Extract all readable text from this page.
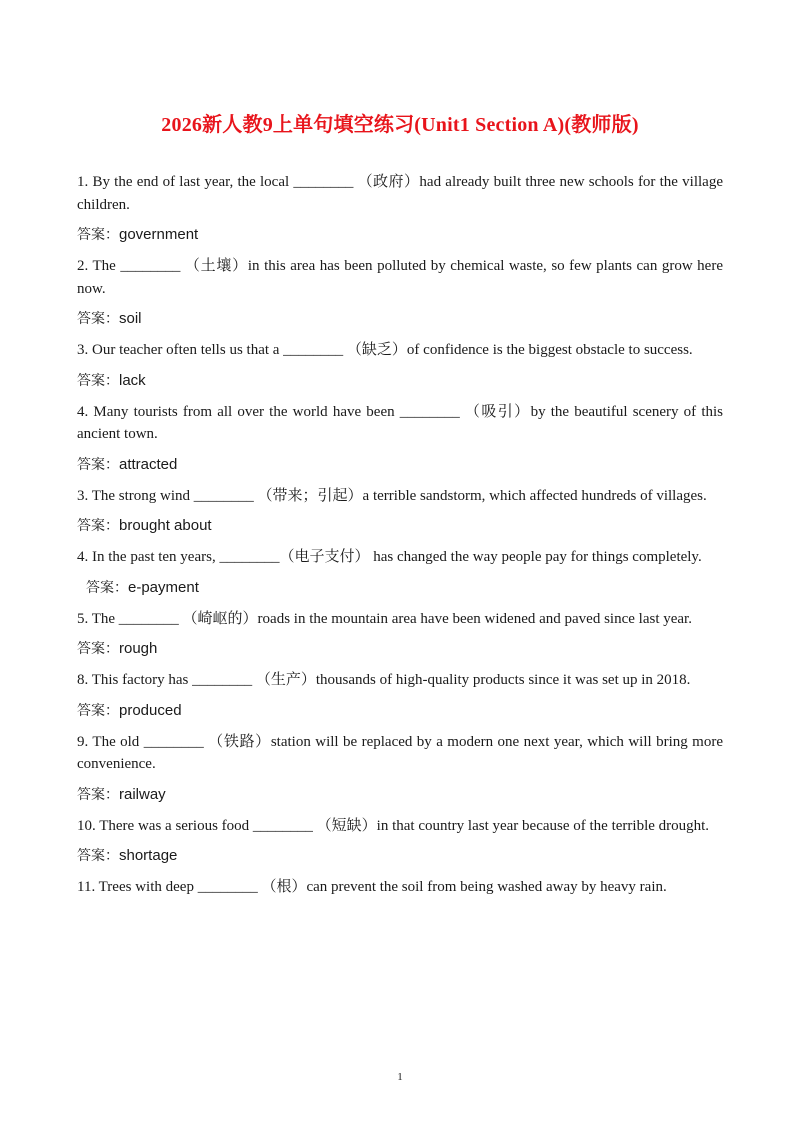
2026新人教9上单句填空练习(Unit1 Section A)(教师版)

1. By the end of last year, the local ________ （政府）had already built three new schools for the village children.

答案：government

2. The ________ （土壤）in this area has been polluted by chemical waste, so few plants can grow here now.

答案：soil

3. Our teacher often tells us that a ________ （缺乏）of confidence is the biggest obstacle to success.

答案：lack

4. Many tourists from all over the world have been ________ （吸引）by the beautiful scenery of this ancient town.

答案：attracted

3. The strong wind ________ （带来；引起）a terrible sandstorm, which affected hundreds of villages.

答案：brought about

4. In the past ten years, ________（电子支付） has changed the way people pay for things completely.

答案：e-payment

5. The ________ （崎岖的）roads in the mountain area have been widened and paved since last year.

答案：rough

8. This factory has ________ （生产）thousands of high-quality products since it was set up in 2018.

答案：produced

9. The old ________ （铁路）station will be replaced by a modern one next year, which will bring more convenience.

答案：railway

10. There was a serious food ________ （短缺）in that country last year because of the terrible drought.

答案：shortage

11. Trees with deep ________ （根）can prevent the soil from being washed away by heavy rain.

1
